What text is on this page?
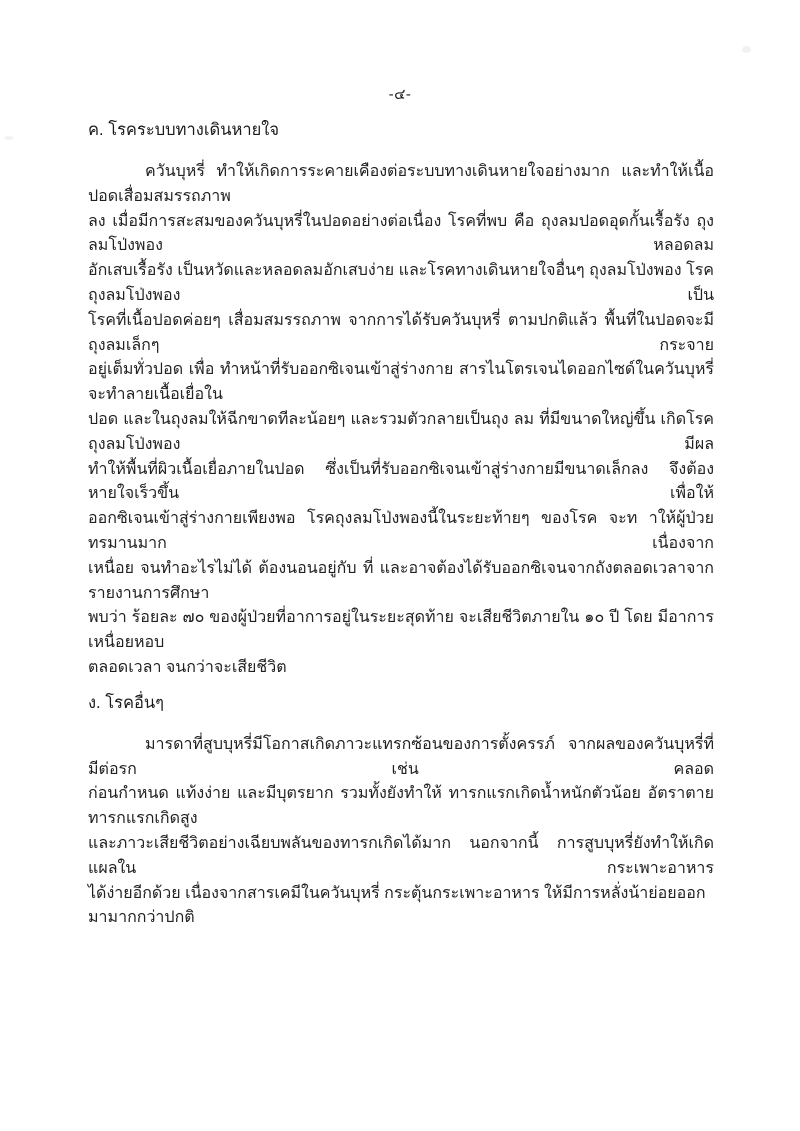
-๔-
ค. โรคระบบทางเดินหายใจ
ควันบุหรี่ ทำให้เกิดการระคายเคืองต่อระบบทางเดินหายใจอย่างมาก และทำให้เนื้อปอดเสื่อมสมรรถภาพ
ลง เมื่อมีการสะสมของควันบุหรี่ในปอดอย่างต่อเนื่อง โรคที่พบ คือ ถุงลมปอดอุดกั้นเรื้อรัง ถุงลมโป่งพอง หลอดลม
อักเสบเรื้อรัง เป็นหวัดและหลอดลมอักเสบง่าย และโรคทางเดินหายใจอื่นๆ ถุงลมโป่งพอง โรคถุงลมโป่งพอง เป็น
โรคที่เนื้อปอดค่อยๆ เสื่อมสมรรถภาพ จากการได้รับควันบุหรี่ ตามปกติแล้ว พื้นที่ในปอดจะมีถุงลมเล็กๆ กระจาย
อยู่เต็มทั่วปอด เพื่อ ทำหน้าที่รับออกซิเจนเข้าสู่ร่างกาย สารไนโตรเจนไดออกไซด์ในควันบุหรี่ จะทำลายเนื้อเยื่อใน
ปอด และในถุงลมให้ฉีกขาดทีละน้อยๆ และรวมตัวกลายเป็นถุง ลม ที่มีขนาดใหญ่ขึ้น เกิดโรคถุงลมโป่งพอง มีผล
ทำให้พื้นที่ผิวเนื้อเยื่อภายในปอด ซึ่งเป็นที่รับออกซิเจนเข้าสู่ร่างกายมีขนาดเล็กลง จึงต้องหายใจเร็วขึ้น เพื่อให้
ออกซิเจนเข้าสู่ร่างกายเพียงพอ โรคถุงลมโป่งพองนี้ในระยะท้ายๆ ของโรค จะท าให้ผู้ป่วยทรมานมาก เนื่องจาก
เหนื่อย จนทำอะไรไม่ได้ ต้องนอนอยู่กับ ที่ และอาจต้องได้รับออกซิเจนจากถังตลอดเวลาจากรายงานการศึกษา
พบว่า ร้อยละ ๗๐ ของผู้ป่วยที่อาการอยู่ในระยะสุดท้าย จะเสียชีวิตภายใน ๑๐ ปี โดย มีอาการเหนื่อยหอบ
ตลอดเวลา จนกว่าจะเสียชีวิต
ง. โรคอื่นๆ
มารดาที่สูบบุหรี่มีโอกาสเกิดภาวะแทรกซ้อนของการตั้งครรภ์ จากผลของควันบุหรี่ที่มีต่อรก เช่น คลอด
ก่อนกำหนด แท้งง่าย และมีบุตรยาก รวมทั้งยังทำให้ ทารกแรกเกิดน้ำหนักตัวน้อย อัตราตายทารกแรกเกิดสูง
และภาวะเสียชีวิตอย่างเฉียบพลันของทารกเกิดได้มาก นอกจากนี้ การสูบบุหรี่ยังทำให้เกิดแผลใน กระเพาะอาหาร
ได้ง่ายอีกด้วย เนื่องจากสารเคมีในควันบุหรี่ กระตุ้นกระเพาะอาหาร ให้มีการหลั่งน้าย่อยออกมามากกว่าปกติ
